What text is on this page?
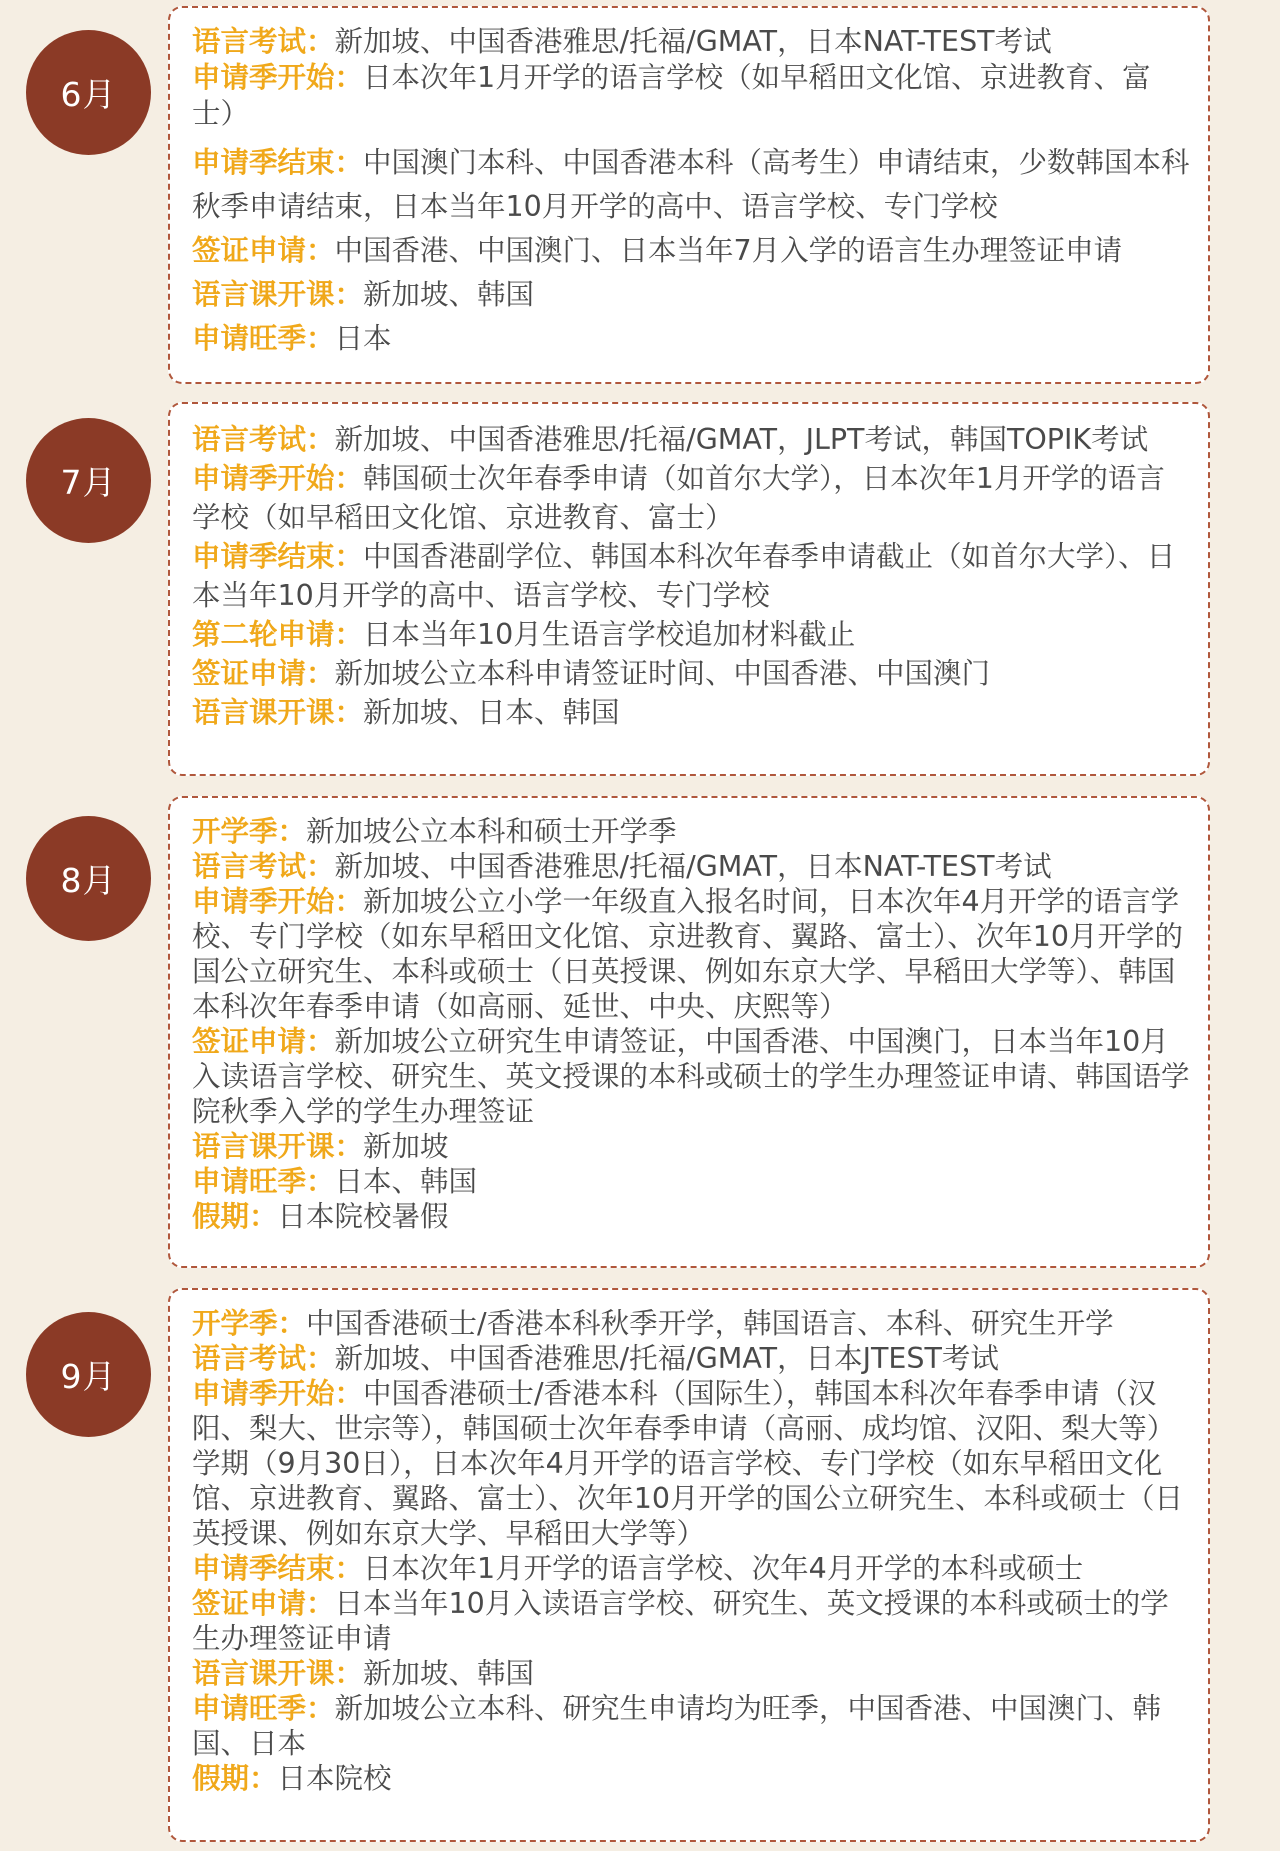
6月

语言考试：新加坡、中国香港雅思/托福/GMAT，日本NAT-TEST考试

申请季开始：日本次年1月开学的语言学校（如早稻田文化馆、京进教育、富士）

申请季结束：中国澳门本科、中国香港本科（高考生）申请结束，少数韩国本科秋季申请结束，日本当年10月开学的高中、语言学校、专门学校

签证申请：中国香港、中国澳门、日本当年7月入学的语言生办理签证申请

语言课开课：新加坡、韩国

申请旺季：日本

7月

语言考试：新加坡、中国香港雅思/托福/GMAT，JLPT考试，韩国TOPIK考试

申请季开始：韩国硕士次年春季申请（如首尔大学），日本次年1月开学的语言学校（如早稻田文化馆、京进教育、富士）

申请季结束：中国香港副学位、韩国本科次年春季申请截止（如首尔大学）、日本当年10月开学的高中、语言学校、专门学校

第二轮申请：日本当年10月生语言学校追加材料截止

签证申请：新加坡公立本科申请签证时间、中国香港、中国澳门

语言课开课：新加坡、日本、韩国

8月

开学季：新加坡公立本科和硕士开学季

语言考试：新加坡、中国香港雅思/托福/GMAT，日本NAT-TEST考试

申请季开始：新加坡公立小学一年级直入报名时间，日本次年4月开学的语言学校、专门学校（如东早稻田文化馆、京进教育、翼路、富士）、次年10月开学的国公立研究生、本科或硕士（日英授课、例如东京大学、早稻田大学等）、韩国本科次年春季申请（如高丽、延世、中央、庆熙等）

签证申请：新加坡公立研究生申请签证，中国香港、中国澳门，日本当年10月入读语言学校、研究生、英文授课的本科或硕士的学生办理签证申请、韩国语学院秋季入学的学生办理签证

语言课开课：新加坡

申请旺季：日本、韩国

假期：日本院校暑假

9月

开学季：中国香港硕士/香港本科秋季开学，韩国语言、本科、研究生开学

语言考试：新加坡、中国香港雅思/托福/GMAT，日本JTEST考试

申请季开始：中国香港硕士/香港本科（国际生），韩国本科次年春季申请（汉阳、梨大、世宗等），韩国硕士次年春季申请（高丽、成均馆、汉阳、梨大等）学期（9月30日），日本次年4月开学的语言学校、专门学校（如东早稻田文化馆、京进教育、翼路、富士）、次年10月开学的国公立研究生、本科或硕士（日英授课、例如东京大学、早稻田大学等）

申请季结束：日本次年1月开学的语言学校、次年4月开学的本科或硕士

签证申请：日本当年10月入读语言学校、研究生、英文授课的本科或硕士的学生办理签证申请

语言课开课：新加坡、韩国

申请旺季：新加坡公立本科、研究生申请均为旺季，中国香港、中国澳门、韩国、日本

假期：日本院校
